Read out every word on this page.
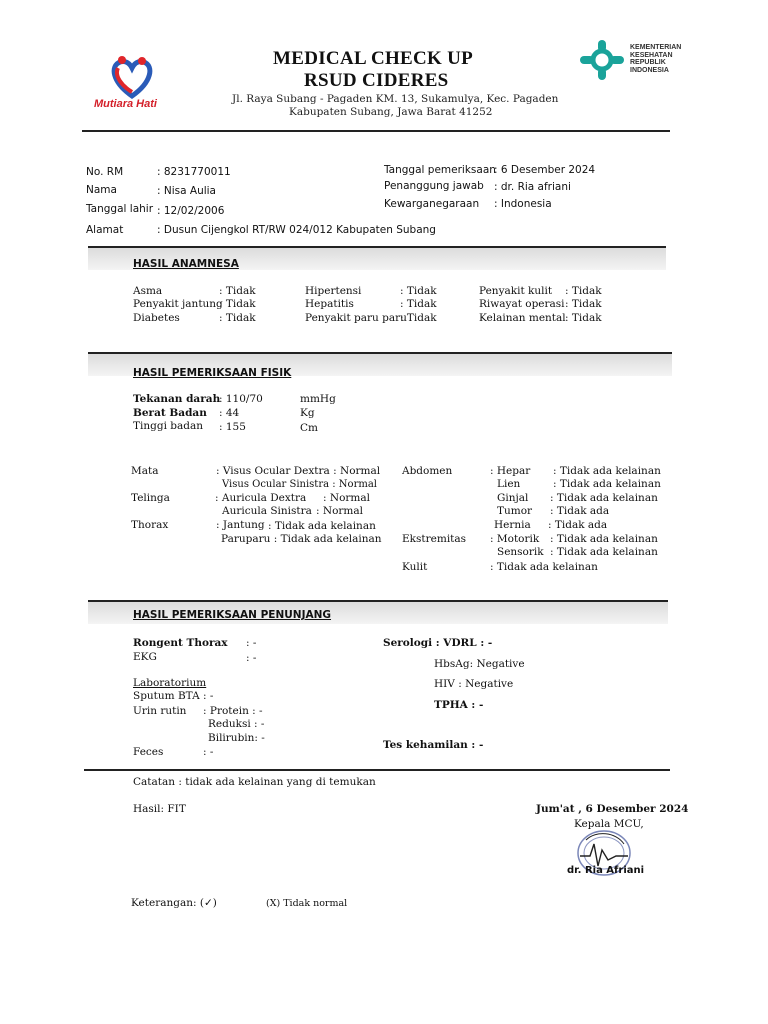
Mutiara Hati
MEDICAL CHECK UP
RSUD CIDERES
Jl. Raya Subang - Pagaden KM. 13, Sukamulya, Kec. Pagaden
Kabupaten Subang, Jawa Barat 41252
KEMENTERIAN
KESEHATAN
REPUBLIK
INDONESIA
No. RM	: 8231770011
Nama	: Nisa Aulia
Tanggal lahir : 12/02/2006
Alamat	: Dusun Cijengkol RT/RW 024/012 Kabupaten Subang
Tanggal pemeriksaan
: 6 Desember 2024
Penanggung jawab : dr. Ria afriani
Kewarganegaraan : Indonesia
HASIL ANAMNESA
Asma	: Tidak
Penyakit jantung
: Tidak
Diabetes	: Tidak
Hipertensi	: Tidak
Hepatitis	: Tidak
Penyakit paru paru
: Tidak
Penyakit kulit : Tidak
Riwayat operasi : Tidak
Kelainan mental : Tidak
HASIL PEMERIKSAAN FISIK
Tekanan darah
: 110/70	mmHg
Berat Badan : 44	Kg
Tinggi badan : 155	Cm
Mata	: Visus Ocular Dextra : Normal
Visus Ocular Sinistra : Normal
Telinga	: Auricula Dextra : Normal
Auricula Sinistra : Normal
Thorax	: Jantung : Tidak ada kelainan
Paruparu : Tidak ada kelainan
Abdomen	: Hepar : Tidak ada kelainan
Lien	: Tidak ada kelainan
Ginjal : Tidak ada kelainan
Tumor : Tidak ada
Hernia : Tidak ada
Ekstremitas : Motorik : Tidak ada kelainan
Sensorik : Tidak ada kelainan
Kulit	: Tidak ada kelainan
HASIL PEMERIKSAAN PENUNJANG
Rongent Thorax : -
EKG	: -
Laboratorium
Sputum BTA : -
Urin rutin : Protein : -
Reduksi : -
Bilirubin: -
Feces	: -
Serologi : VDRL : -
HbsAg: Negative
HIV : Negative
TPHA : -
Tes kehamilan : -
Catatan : tidak ada kelainan yang di temukan
Hasil: FIT	Jum'at , 6 Desember 2024
Kepala MCU,
dr. Ria Afriani
Keterangan: (✓)	(X) Tidak normal
